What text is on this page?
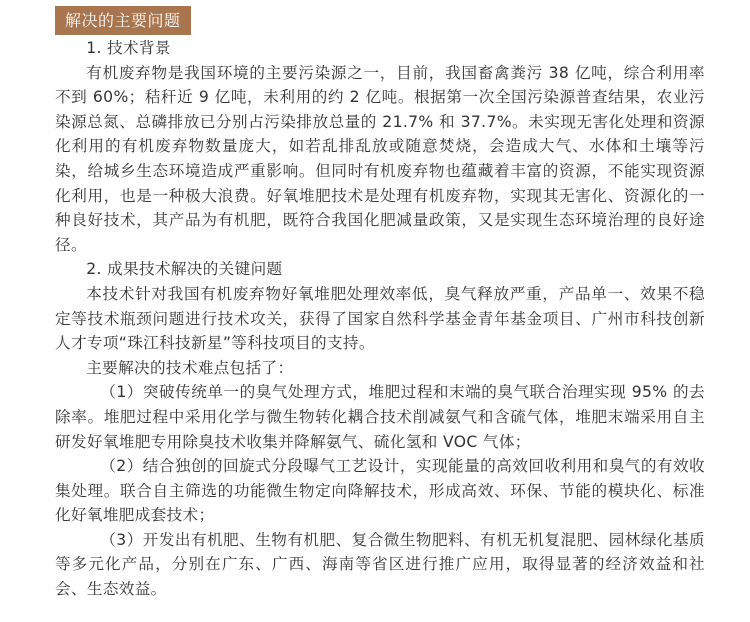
解决的主要问题

1. 技术背景

有机废弃物是我国环境的主要污染源之一，目前，我国畜禽粪污 38 亿吨，综合利用率不到 60%；秸秆近 9 亿吨，未利用的约 2 亿吨。根据第一次全国污染源普查结果，农业污染源总氮、总磷排放已分别占污染排放总量的 21.7% 和 37.7%。未实现无害化处理和资源化利用的有机废弃物数量庞大，如若乱排乱放或随意焚烧，会造成大气、水体和土壤等污染，给城乡生态环境造成严重影响。但同时有机废弃物也蕴藏着丰富的资源，不能实现资源化利用，也是一种极大浪费。好氧堆肥技术是处理有机废弃物，实现其无害化、资源化的一种良好技术，其产品为有机肥，既符合我国化肥减量政策，又是实现生态环境治理的良好途径。

2. 成果技术解决的关键问题

本技术针对我国有机废弃物好氧堆肥处理效率低，臭气释放严重，产品单一、效果不稳定等技术瓶颈问题进行技术攻关，获得了国家自然科学基金青年基金项目、广州市科技创新人才专项“珠江科技新星”等科技项目的支持。

主要解决的技术难点包括了：

（1）突破传统单一的臭气处理方式，堆肥过程和末端的臭气联合治理实现 95% 的去除率。堆肥过程中采用化学与微生物转化耦合技术削减氨气和含硫气体，堆肥末端采用自主研发好氧堆肥专用除臭技术收集并降解氨气、硫化氢和 VOC 气体；

（2）结合独创的回旋式分段曝气工艺设计，实现能量的高效回收利用和臭气的有效收集处理。联合自主筛选的功能微生物定向降解技术，形成高效、环保、节能的模块化、标准化好氧堆肥成套技术；

（3）开发出有机肥、生物有机肥、复合微生物肥料、有机无机复混肥、园林绿化基质等多元化产品，分别在广东、广西、海南等省区进行推广应用，取得显著的经济效益和社会、生态效益。
